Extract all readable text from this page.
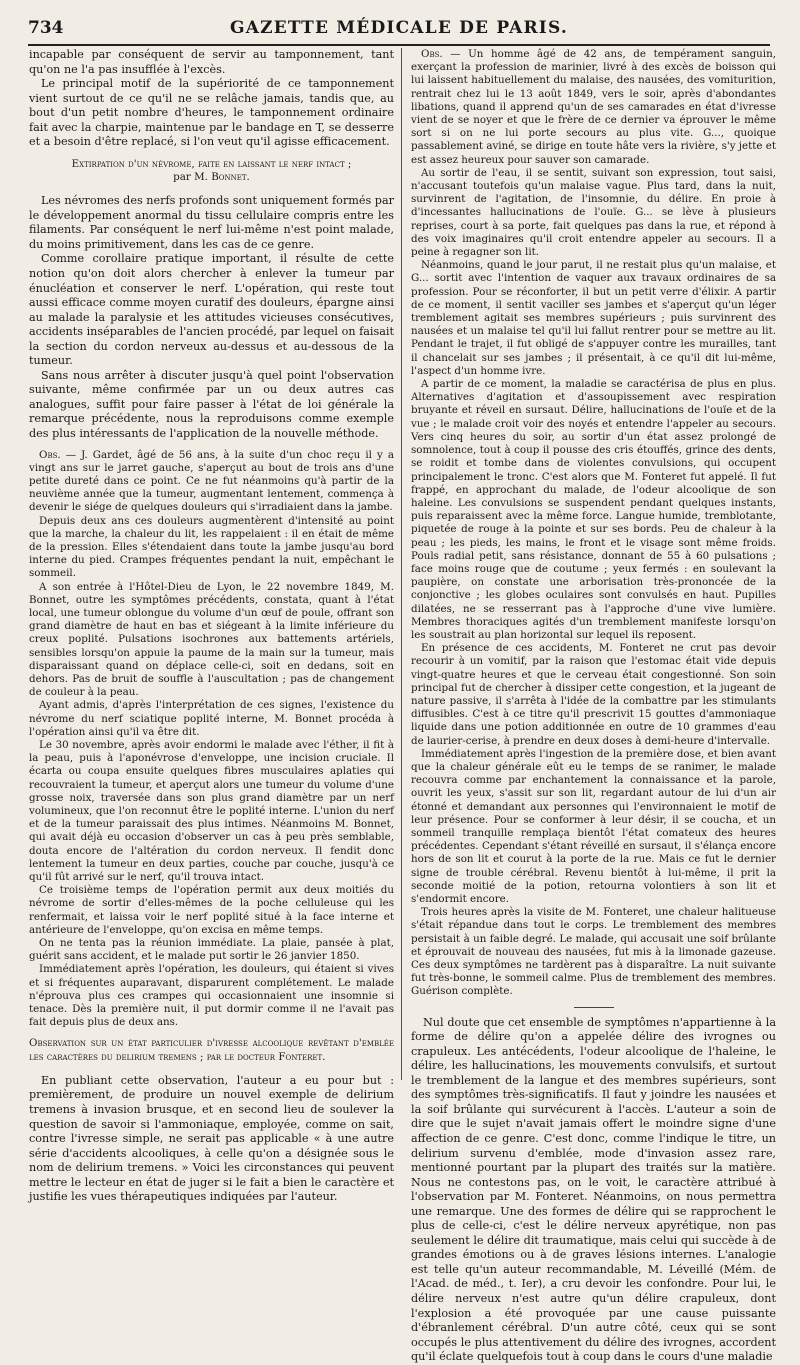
734	GAZETTE MÉDICALE DE PARIS.

incapable par conséquent de servir au tamponnement, tant qu'on ne l'a pas insufflée à l'excès.

Le principal motif de la supériorité de ce tamponnement vient surtout de ce qu'il ne se relâche jamais, tandis que, au bout d'un petit nombre d'heures, le tamponnement ordinaire fait avec la charpie, maintenue par le bandage en T, se desserre et a besoin d'être replacé, si l'on veut qu'il agisse efficacement.

Extirpation d'un névrome, faite en laissant le nerf intact ;
par M. Bonnet.

Les névromes des nerfs profonds sont uniquement formés par le développement anormal du tissu cellulaire compris entre les filaments. Par conséquent le nerf lui-même n'est point malade, du moins primitivement, dans les cas de ce genre.

Comme corollaire pratique important, il résulte de cette notion qu'on doit alors chercher à enlever la tumeur par énucléation et conserver le nerf. L'opération, qui reste tout aussi efficace comme moyen curatif des douleurs, épargne ainsi au malade la paralysie et les attitudes vicieuses consécutives, accidents inséparables de l'ancien procédé, par lequel on faisait la section du cordon nerveux au-dessus et au-dessous de la tumeur.

Sans nous arrêter à discuter jusqu'à quel point l'observation suivante, même confirmée par un ou deux autres cas analogues, suffit pour faire passer à l'état de loi générale la remarque précédente, nous la reproduisons comme exemple des plus intéressants de l'application de la nouvelle méthode.

Obs. — J. Gardet, âgé de 56 ans, à la suite d'un choc reçu il y a vingt ans sur le jarret gauche, s'aperçut au bout de trois ans d'une petite dureté dans ce point. Ce ne fut néanmoins qu'à partir de la neuvième année que la tumeur, augmentant lentement, commença à devenir le siége de quelques douleurs qui s'irradiaient dans la jambe.

Depuis deux ans ces douleurs augmentèrent d'intensité au point que la marche, la chaleur du lit, les rappelaient : il en était de même de la pression. Elles s'étendaient dans toute la jambe jusqu'au bord interne du pied. Crampes fréquentes pendant la nuit, empêchant le sommeil.

A son entrée à l'Hôtel-Dieu de Lyon, le 22 novembre 1849, M. Bonnet, outre les symptômes précédents, constata, quant à l'état local, une tumeur oblongue du volume d'un œuf de poule, offrant son grand diamètre de haut en bas et siégeant à la limite inférieure du creux poplité. Pulsations isochrones aux battements artériels, sensibles lorsqu'on appuie la paume de la main sur la tumeur, mais disparaissant quand on déplace celle-ci, soit en dedans, soit en dehors. Pas de bruit de souffle à l'auscultation ; pas de changement de couleur à la peau.

Ayant admis, d'après l'interprétation de ces signes, l'existence du névrome du nerf sciatique poplité interne, M. Bonnet procéda à l'opération ainsi qu'il va être dit.

Le 30 novembre, après avoir endormi le malade avec l'éther, il fit à la peau, puis à l'aponévrose d'enveloppe, une incision cruciale. Il écarta ou coupa ensuite quelques fibres musculaires aplaties qui recouvraient la tumeur, et aperçut alors une tumeur du volume d'une grosse noix, traversée dans son plus grand diamètre par un nerf volumineux, que l'on reconnut être le poplité interne. L'union du nerf et de la tumeur paraissait des plus intimes. Néanmoins M. Bonnet, qui avait déjà eu occasion d'observer un cas à peu près semblable, douta encore de l'altération du cordon nerveux. Il fendit donc lentement la tumeur en deux parties, couche par couche, jusqu'à ce qu'il fût arrivé sur le nerf, qu'il trouva intact.

Ce troisième temps de l'opération permit aux deux moitiés du névrome de sortir d'elles-mêmes de la poche celluleuse qui les renfermait, et laissa voir le nerf poplité situé à la face interne et antérieure de l'enveloppe, qu'on excisa en même temps.

On ne tenta pas la réunion immédiate. La plaie, pansée à plat, guérit sans accident, et le malade put sortir le 26 janvier 1850.

Immédiatement après l'opération, les douleurs, qui étaient si vives et si fréquentes auparavant, disparurent complétement. Le malade n'éprouva plus ces crampes qui occasionnaient une insomnie si tenace. Dès la première nuit, il put dormir comme il ne l'avait pas fait depuis plus de deux ans.

Observation sur un état particulier d'ivresse alcoolique revêtant d'emblée les caractères du delirium tremens ; par le docteur Fonteret.

En publiant cette observation, l'auteur a eu pour but : premièrement, de produire un nouvel exemple de delirium tremens à invasion brusque, et en second lieu de soulever la question de savoir si l'ammoniaque, employée, comme on sait, contre l'ivresse simple, ne serait pas applicable « à une autre série d'accidents alcooliques, à celle qu'on a désignée sous le nom de delirium tremens. » Voici les circonstances qui peuvent mettre le lecteur en état de juger si le fait a bien le caractère et justifie les vues thérapeutiques indiquées par l'auteur.

Obs. — Un homme âgé de 42 ans, de tempérament sanguin, exerçant la profession de marinier, livré à des excès de boisson qui lui laissent habituellement du malaise, des nausées, des vomiturition, rentrait chez lui le 13 août 1849, vers le soir, après d'abondantes libations, quand il apprend qu'un de ses camarades en état d'ivresse vient de se noyer et que le frère de ce dernier va éprouver le même sort si on ne lui porte secours au plus vite. G..., quoique passablement aviné, se dirige en toute hâte vers la rivière, s'y jette et est assez heureux pour sauver son camarade.

Au sortir de l'eau, il se sentit, suivant son expression, tout saisi, n'accusant toutefois qu'un malaise vague. Plus tard, dans la nuit, survinrent de l'agitation, de l'insomnie, du délire. En proie à d'incessantes hallucinations de l'ouïe. G... se lève à plusieurs reprises, court à sa porte, fait quelques pas dans la rue, et répond à des voix imaginaires qu'il croit entendre appeler au secours. Il a peine à regagner son lit.

Néanmoins, quand le jour parut, il ne restait plus qu'un malaise, et G... sortit avec l'intention de vaquer aux travaux ordinaires de sa profession. Pour se réconforter, il but un petit verre d'élixir. A partir de ce moment, il sentit vaciller ses jambes et s'aperçut qu'un léger tremblement agitait ses membres supérieurs ; puis survinrent des nausées et un malaise tel qu'il lui fallut rentrer pour se mettre au lit. Pendant le trajet, il fut obligé de s'appuyer contre les murailles, tant il chancelait sur ses jambes ; il présentait, à ce qu'il dit lui-même, l'aspect d'un homme ivre.

A partir de ce moment, la maladie se caractérisa de plus en plus. Alternatives d'agitation et d'assoupissement avec respiration bruyante et réveil en sursaut. Délire, hallucinations de l'ouïe et de la vue ; le malade croit voir des noyés et entendre l'appeler au secours. Vers cinq heures du soir, au sortir d'un état assez prolongé de somnolence, tout à coup il pousse des cris étouffés, grince des dents, se roidit et tombe dans de violentes convulsions, qui occupent principalement le tronc. C'est alors que M. Fonteret fut appelé. Il fut frappé, en approchant du malade, de l'odeur alcoolique de son haleine. Les convulsions se suspendent pendant quelques instants, puis reparaissent avec la même force. Langue humide, tremblotante, piquetée de rouge à la pointe et sur ses bords. Peu de chaleur à la peau ; les pieds, les mains, le front et le visage sont même froids. Pouls radial petit, sans résistance, donnant de 55 à 60 pulsations ; face moins rouge que de coutume ; yeux fermés : en soulevant la paupière, on constate une arborisation très-prononcée de la conjonctive ; les globes oculaires sont convulsés en haut. Pupilles dilatées, ne se resserrant pas à l'approche d'une vive lumière. Membres thoraciques agités d'un tremblement manifeste lorsqu'on les soustrait au plan horizontal sur lequel ils reposent.

En présence de ces accidents, M. Fonteret ne crut pas devoir recourir à un vomitif, par la raison que l'estomac était vide depuis vingt-quatre heures et que le cerveau était congestionné. Son soin principal fut de chercher à dissiper cette congestion, et la jugeant de nature passive, il s'arrêta à l'idée de la combattre par les stimulants diffusibles. C'est à ce titre qu'il prescrivit 15 gouttes d'ammoniaque liquide dans une potion additionnée en outre de 10 grammes d'eau de laurier-cerise, à prendre en deux doses à demi-heure d'intervalle.

Immédiatement après l'ingestion de la première dose, et bien avant que la chaleur générale eût eu le temps de se ranimer, le malade recouvra comme par enchantement la connaissance et la parole, ouvrit les yeux, s'assit sur son lit, regardant autour de lui d'un air étonné et demandant aux personnes qui l'environnaient le motif de leur présence. Pour se conformer à leur désir, il se coucha, et un sommeil tranquille remplaça bientôt l'état comateux des heures précédentes. Cependant s'étant réveillé en sursaut, il s'élança encore hors de son lit et courut à la porte de la rue. Mais ce fut le dernier signe de trouble cérébral. Revenu bientôt à lui-même, il prit la seconde moitié de la potion, retourna volontiers à son lit et s'endormit encore.

Trois heures après la visite de M. Fonteret, une chaleur halitueuse s'était répandue dans tout le corps. Le tremblement des membres persistait à un faible degré. Le malade, qui accusait une soif brûlante et éprouvait de nouveau des nausées, fut mis à la limonade gazeuse. Ces deux symptômes ne tardèrent pas à disparaître. La nuit suivante fut très-bonne, le sommeil calme. Plus de tremblement des membres. Guérison complète.

Nul doute que cet ensemble de symptômes n'appartienne à la forme de délire qu'on a appelée délire des ivrognes ou crapuleux. Les antécédents, l'odeur alcoolique de l'haleine, le délire, les hallucinations, les mouvements convulsifs, et surtout le tremblement de la langue et des membres supérieurs, sont des symptômes très-significatifs. Il faut y joindre les nausées et la soif brûlante qui survécurent à l'accès. L'auteur a soin de dire que le sujet n'avait jamais offert le moindre signe d'une affection de ce genre. C'est donc, comme l'indique le titre, un delirium survenu d'emblée, mode d'invasion assez rare, mentionné pourtant par la plupart des traités sur la matière. Nous ne contestons pas, on le voit, le caractère attribué à l'observation par M. Fonteret. Néanmoins, on nous permettra une remarque. Une des formes de délire qui se rapprochent le plus de celle-ci, c'est le délire nerveux apyrétique, non pas seulement le délire dit traumatique, mais celui qui succède à de grandes émotions ou à de graves lésions internes. L'analogie est telle qu'un auteur recommandable, M. Léveillé (Mém. de l'Acad. de méd., t. Ier), a cru devoir les confondre. Pour lui, le délire nerveux n'est autre qu'un délire crapuleux, dont l'explosion a été provoquée par une cause puissante d'ébranlement cérébral. D'un autre côté, ceux qui se sont occupés le plus attentivement du délire des ivrognes, accordent qu'il éclate quelquefois tout à coup dans le cours d'une maladie
